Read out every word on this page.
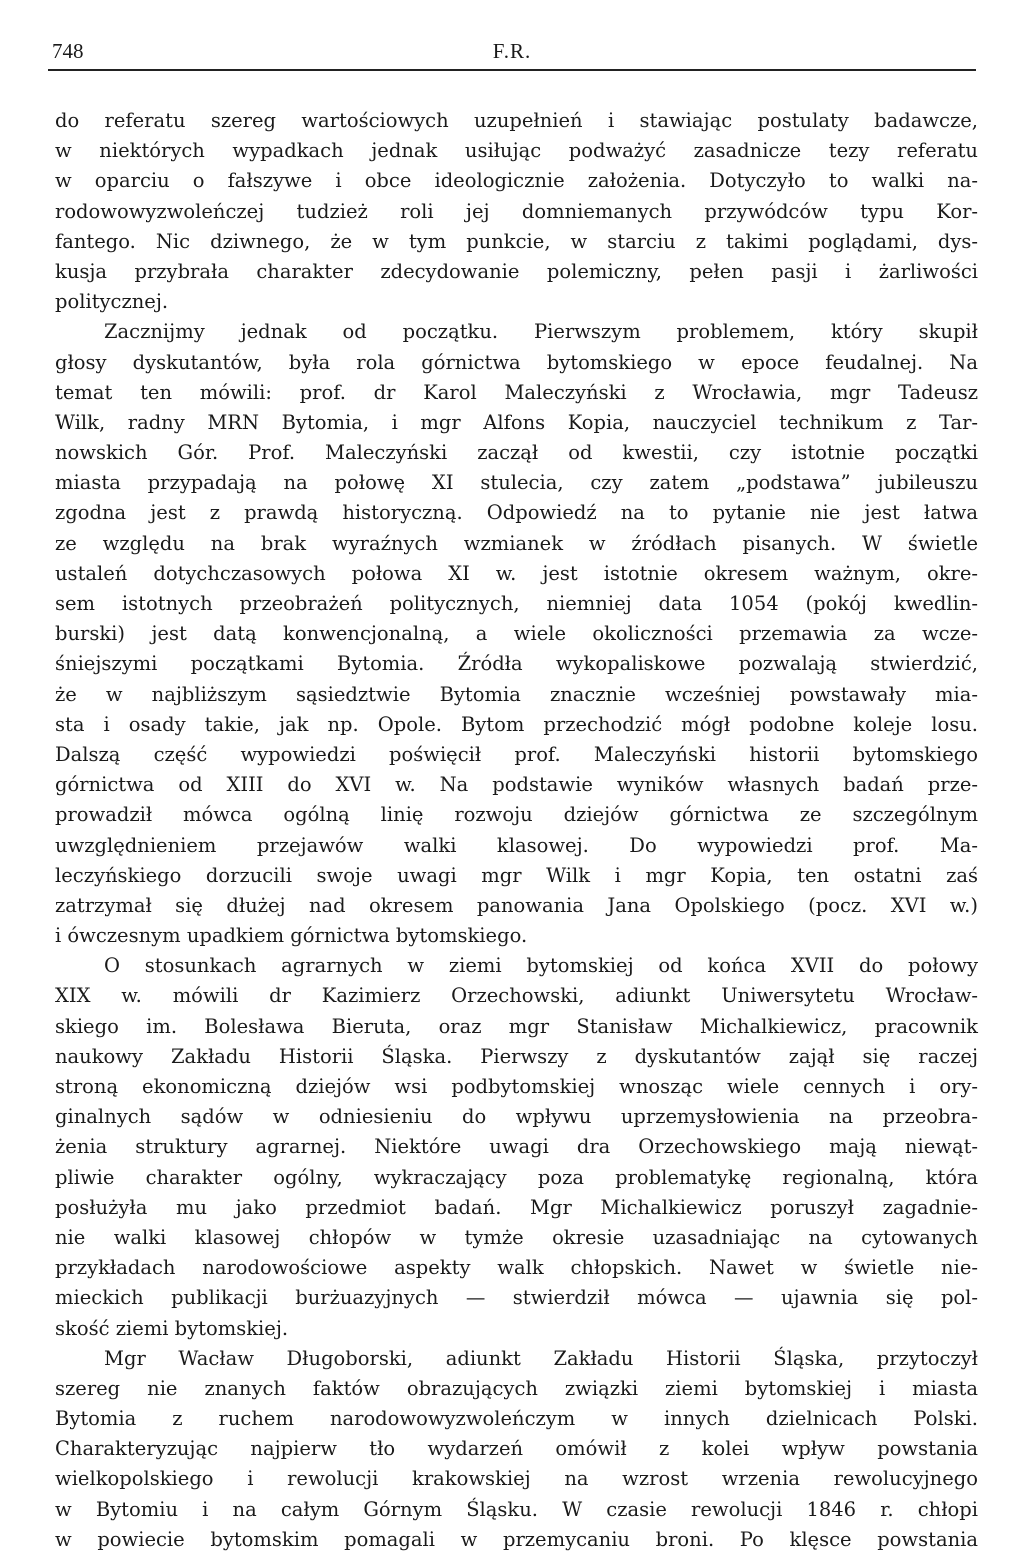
748	F.R.
do referatu szereg wartościowych uzupełnień i stawiając postulaty badawcze,
w niektórych wypadkach jednak usiłując podważyć zasadnicze tezy referatu
w oparciu o fałszywe i obce ideologicznie założenia. Dotyczyło to walki na-
rodowowyzwoleńczej tudzież roli jej domniemanych przywódców typu Kor-
fantego. Nic dziwnego, że w tym punkcie, w starciu z takimi poglądami, dys-
kusja przybrała charakter zdecydowanie polemiczny, pełen pasji i żarliwości
politycznej.
Zacznijmy jednak od początku. Pierwszym problemem, który skupił
głosy dyskutantów, była rola górnictwa bytomskiego w epoce feudalnej. Na
temat ten mówili: prof. dr Karol Maleczyński z Wrocławia, mgr Tadeusz
Wilk, radny MRN Bytomia, i mgr Alfons Kopia, nauczyciel technikum z Tar-
nowskich Gór. Prof. Maleczyński zaczął od kwestii, czy istotnie początki
miasta przypadają na połowę XI stulecia, czy zatem „podstawa” jubileuszu
zgodna jest z prawdą historyczną. Odpowiedź na to pytanie nie jest łatwa
ze względu na brak wyraźnych wzmianek w źródłach pisanych. W świetle
ustaleń dotychczasowych połowa XI w. jest istotnie okresem ważnym, okre-
sem istotnych przeobrażeń politycznych, niemniej data 1054 (pokój kwedlin-
burski) jest datą konwencjonalną, a wiele okoliczności przemawia za wcze-
śniejszymi początkami Bytomia. Źródła wykopaliskowe pozwalają stwierdzić,
że w najbliższym sąsiedztwie Bytomia znacznie wcześniej powstawały mia-
sta i osady takie, jak np. Opole. Bytom przechodzić mógł podobne koleje losu.
Dalszą część wypowiedzi poświęcił prof. Maleczyński historii bytomskiego
górnictwa od XIII do XVI w. Na podstawie wyników własnych badań prze-
prowadził mówca ogólną linię rozwoju dziejów górnictwa ze szczególnym
uwzględnieniem przejawów walki klasowej. Do wypowiedzi prof. Ma-
leczyńskiego dorzucili swoje uwagi mgr Wilk i mgr Kopia, ten ostatni zaś
zatrzymał się dłużej nad okresem panowania Jana Opolskiego (pocz. XVI w.)
i ówczesnym upadkiem górnictwa bytomskiego.
O stosunkach agrarnych w ziemi bytomskiej od końca XVII do połowy
XIX w. mówili dr Kazimierz Orzechowski, adiunkt Uniwersytetu Wrocław-
skiego im. Bolesława Bieruta, oraz mgr Stanisław Michalkiewicz, pracownik
naukowy Zakładu Historii Śląska. Pierwszy z dyskutantów zajął się raczej
stroną ekonomiczną dziejów wsi podbytomskiej wnosząc wiele cennych i ory-
ginalnych sądów w odniesieniu do wpływu uprzemysłowienia na przeobra-
żenia struktury agrarnej. Niektóre uwagi dra Orzechowskiego mają niewąt-
pliwie charakter ogólny, wykraczający poza problematykę regionalną, która
posłużyła mu jako przedmiot badań. Mgr Michalkiewicz poruszył zagadnie-
nie walki klasowej chłopów w tymże okresie uzasadniając na cytowanych
przykładach narodowościowe aspekty walk chłopskich. Nawet w świetle nie-
mieckich publikacji burżuazyjnych — stwierdził mówca — ujawnia się pol-
skość ziemi bytomskiej.
Mgr Wacław Długoborski, adiunkt Zakładu Historii Śląska, przytoczył
szereg nie znanych faktów obrazujących związki ziemi bytomskiej i miasta
Bytomia z ruchem narodowowyzwoleńczym w innych dzielnicach Polski.
Charakteryzując najpierw tło wydarzeń omówił z kolei wpływ powstania
wielkopolskiego i rewolucji krakowskiej na wzrost wrzenia rewolucyjnego
w Bytomiu i na całym Górnym Śląsku. W czasie rewolucji 1846 r. chłopi
w powiecie bytomskim pomagali w przemycaniu broni. Po klęsce powstania
